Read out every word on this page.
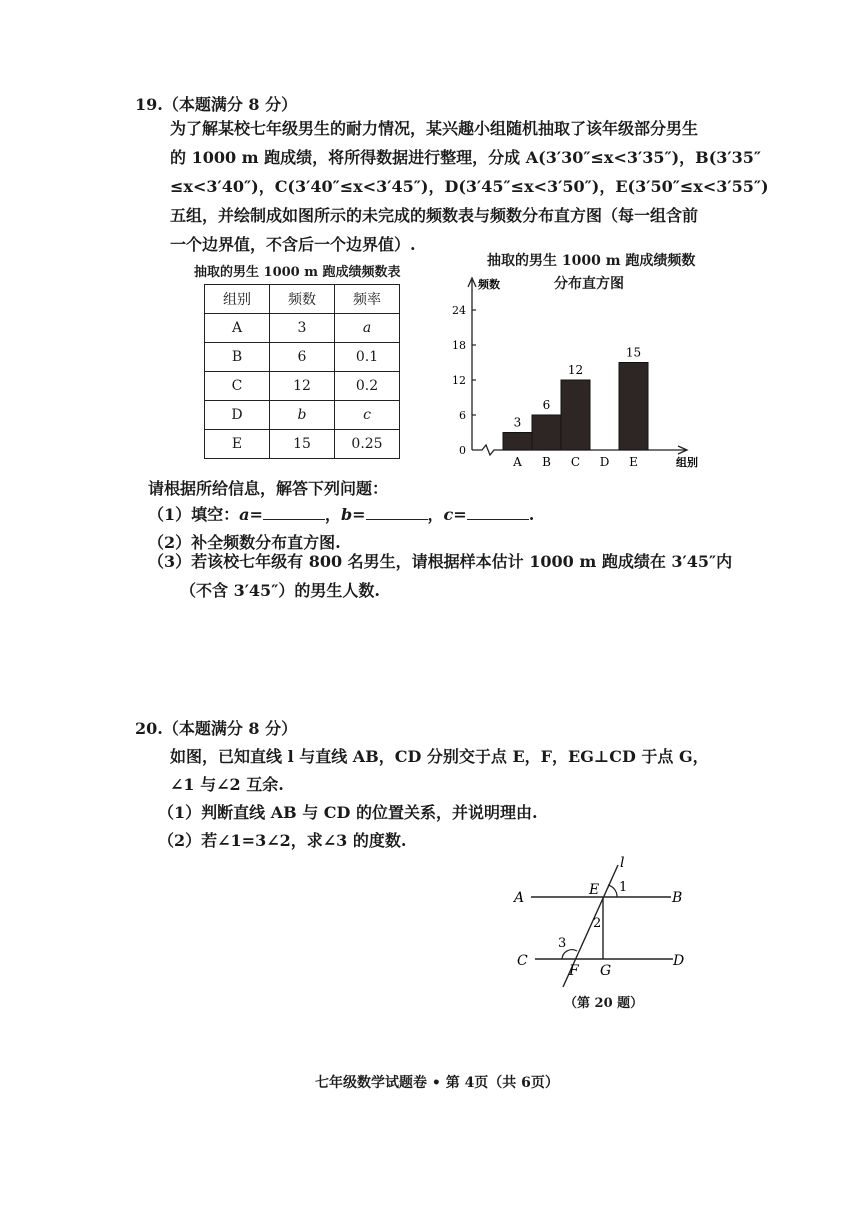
19.（本题满分 8 分）
为了解某校七年级男生的耐力情况，某兴趣小组随机抽取了该年级部分男生
的 1000 m 跑成绩，将所得数据进行整理，分成 A(3′30″≤x<3′35″)，B(3′35″
≤x<3′40″)，C(3′40″≤x<3′45″)，D(3′45″≤x<3′50″)，E(3′50″≤x<3′55″)
五组，并绘制成如图所示的未完成的频数表与频数分布直方图（每一组含前
一个边界值，不含后一个边界值）.
抽取的男生 1000 m 跑成绩频数表
组别	频数	频率
A	3	a
B	6	0.1
C	12	0.2
D	b	c
E	15	0.25
抽取的男生 1000 m 跑成绩频数
分布直方图
0
6
12
18
24
频数
组别
3
A
6
B
12
C D
15
E
请根据所给信息，解答下列问题：
（1）填空：a=	，b=	，c=	.
（2）补全频数分布直方图.
（3）若该校七年级有 800 名男生，请根据样本估计 1000 m 跑成绩在 3′45″内
（不含 3′45″）的男生人数.
20.（本题满分 8 分）
如图，已知直线 l 与直线 AB，CD 分别交于点 E，F，EG⊥CD 于点 G，
∠1 与∠2 互余.
（1）判断直线 AB 与 CD 的位置关系，并说明理由.
（2）若∠1=3∠2，求∠3 的度数.
l
A	B
C	D
E
F G
1
2
3
（第 20 题）
七年级数学试题卷 • 第 4页（共 6页）
